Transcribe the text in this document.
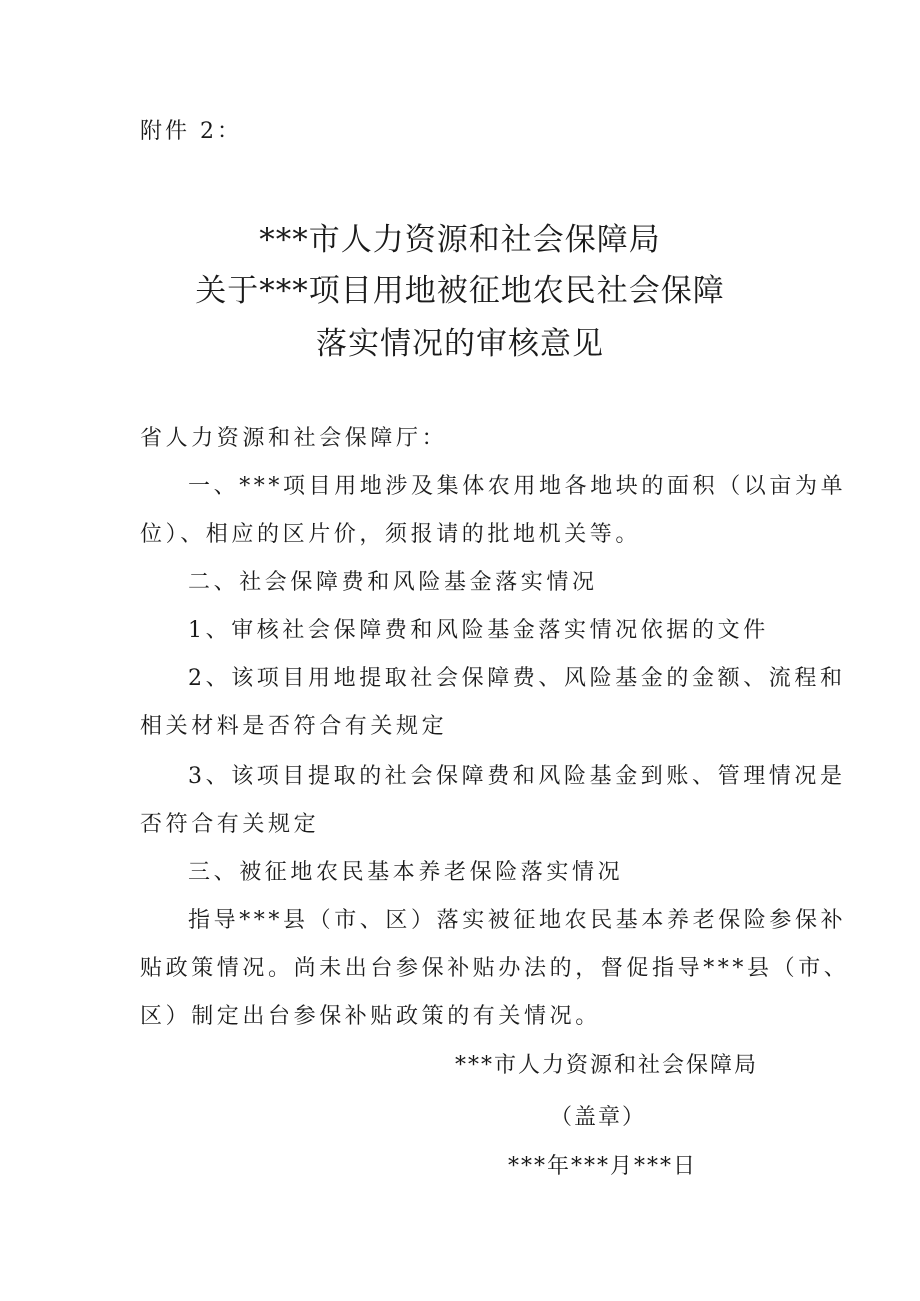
附件 2：
***市人力资源和社会保障局
关于***项目用地被征地农民社会保障
落实情况的审核意见
省人力资源和社会保障厅：
一、***项目用地涉及集体农用地各地块的面积（以亩为单
位）、相应的区片价，须报请的批地机关等。
二、社会保障费和风险基金落实情况
1、审核社会保障费和风险基金落实情况依据的文件
2、该项目用地提取社会保障费、风险基金的金额、流程和
相关材料是否符合有关规定
3、该项目提取的社会保障费和风险基金到账、管理情况是
否符合有关规定
三、被征地农民基本养老保险落实情况
指导***县（市、区）落实被征地农民基本养老保险参保补
贴政策情况。尚未出台参保补贴办法的，督促指导***县（市、
区）制定出台参保补贴政策的有关情况。
***市人力资源和社会保障局
（盖章）
***年***月***日
